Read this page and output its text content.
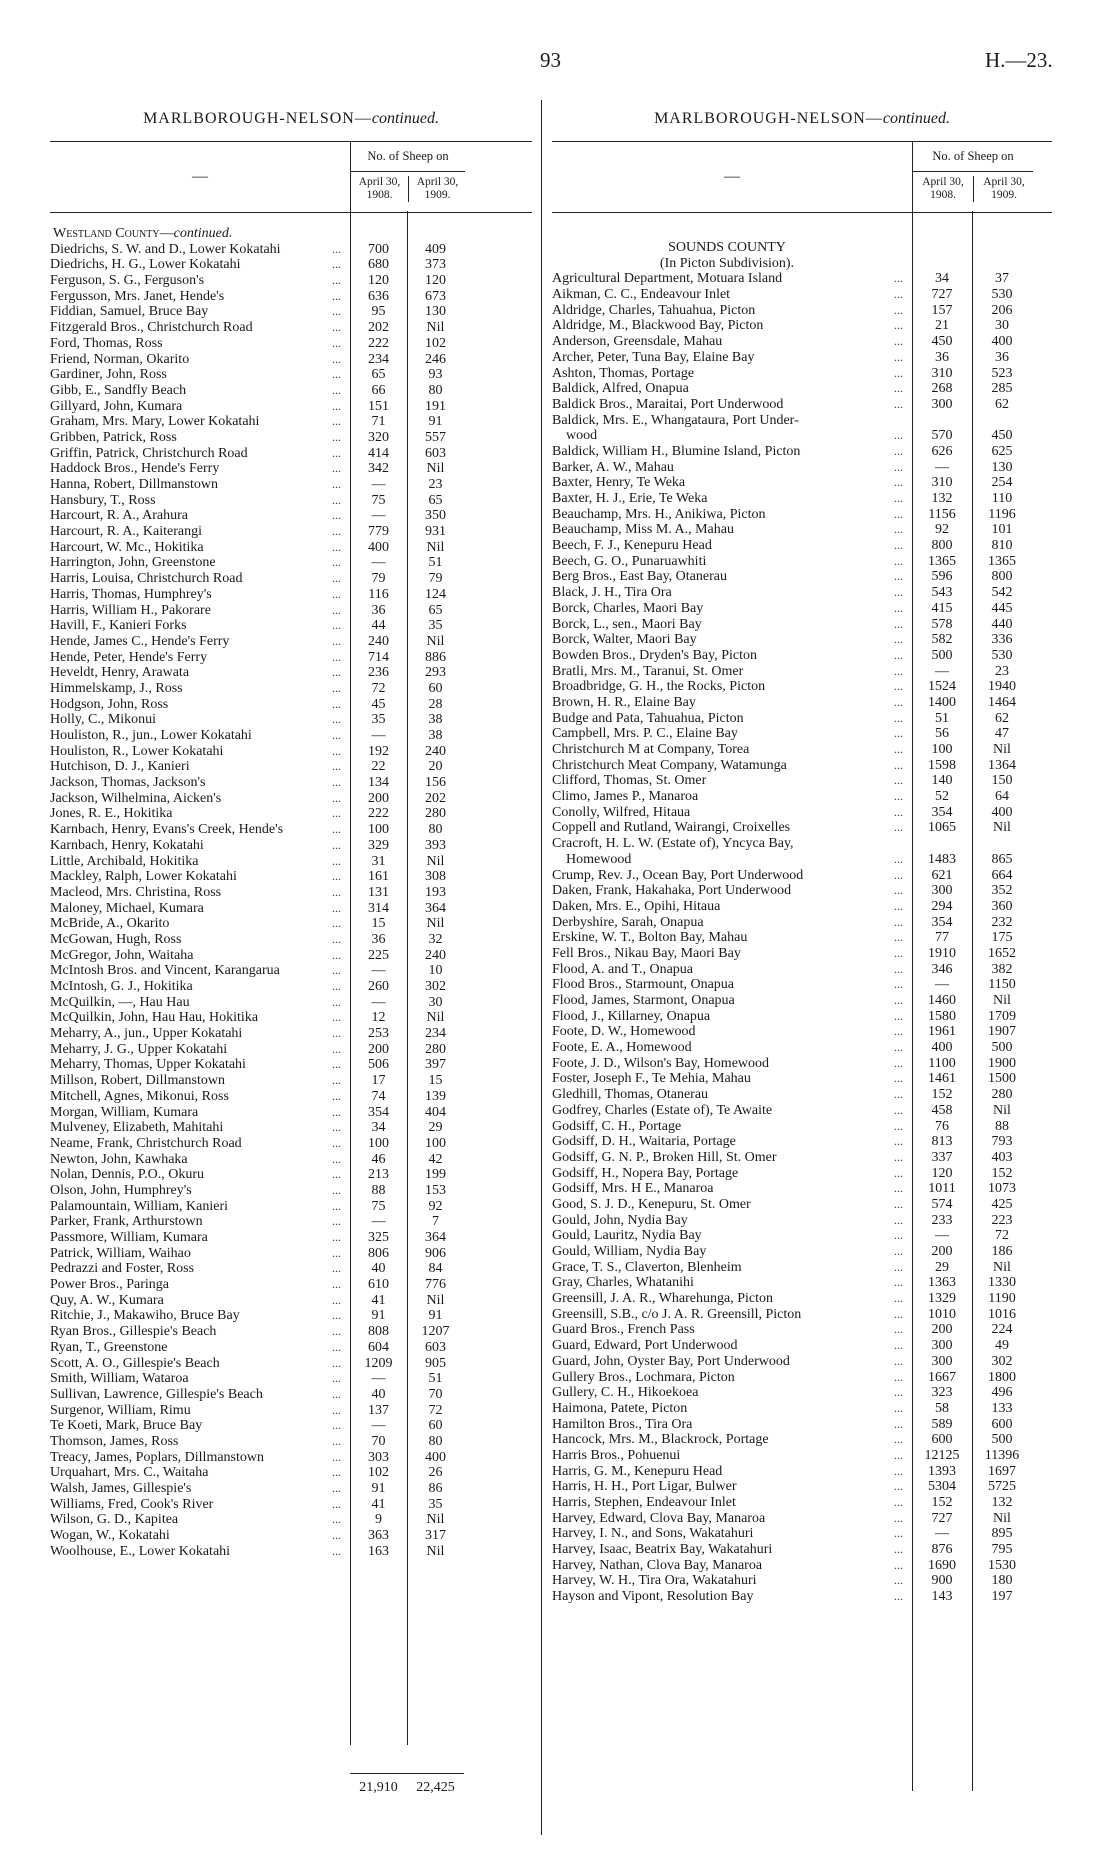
93	H.—23.
MARLBOROUGH-NELSON—continued.
—
No. of Sheep on
April 30, 1908.
April 30, 1909.
Westland County—continued.
Diedrichs, S. W. and D., Lower Kokatahi	...	700	409
Diedrichs, H. G., Lower Kokatahi	...	680	373
Ferguson, S. G., Ferguson's	...	120	120
Fergusson, Mrs. Janet, Hende's	...	636	673
Fiddian, Samuel, Bruce Bay	...	95	130
Fitzgerald Bros., Christchurch Road	...	202	Nil
Ford, Thomas, Ross	...	222	102
Friend, Norman, Okarito	...	234	246
Gardiner, John, Ross	...	65	93
Gibb, E., Sandfly Beach	...	66	80
Gillyard, John, Kumara	...	151	191
Graham, Mrs. Mary, Lower Kokatahi	...	71	91
Gribben, Patrick, Ross	...	320	557
Griffin, Patrick, Christchurch Road	...	414	603
Haddock Bros., Hende's Ferry	...	342	Nil
Hanna, Robert, Dillmanstown	...	—	23
Hansbury, T., Ross	...	75	65
Harcourt, R. A., Arahura	...	—	350
Harcourt, R. A., Kaiterangi	...	779	931
Harcourt, W. Mc., Hokitika	...	400	Nil
Harrington, John, Greenstone	...	—	51
Harris, Louisa, Christchurch Road	...	79	79
Harris, Thomas, Humphrey's	...	116	124
Harris, William H., Pakorare	...	36	65
Havill, F., Kanieri Forks	...	44	35
Hende, James C., Hende's Ferry	...	240	Nil
Hende, Peter, Hende's Ferry	...	714	886
Heveldt, Henry, Arawata	...	236	293
Himmelskamp, J., Ross	...	72	60
Hodgson, John, Ross	...	45	28
Holly, C., Mikonui	...	35	38
Houliston, R., jun., Lower Kokatahi	...	—	38
Houliston, R., Lower Kokatahi	...	192	240
Hutchison, D. J., Kanieri	...	22	20
Jackson, Thomas, Jackson's	...	134	156
Jackson, Wilhelmina, Aicken's	...	200	202
Jones, R. E., Hokitika	...	222	280
Karnbach, Henry, Evans's Creek, Hende's	...	100	80
Karnbach, Henry, Kokatahi	...	329	393
Little, Archibald, Hokitika	...	31	Nil
Mackley, Ralph, Lower Kokatahi	...	161	308
Macleod, Mrs. Christina, Ross	...	131	193
Maloney, Michael, Kumara	...	314	364
McBride, A., Okarito	...	15	Nil
McGowan, Hugh, Ross	...	36	32
McGregor, John, Waitaha	...	225	240
McIntosh Bros. and Vincent, Karangarua	...	—	10
McIntosh, G. J., Hokitika	...	260	302
McQuilkin, —, Hau Hau	...	—	30
McQuilkin, John, Hau Hau, Hokitika	...	12	Nil
Meharry, A., jun., Upper Kokatahi	...	253	234
Meharry, J. G., Upper Kokatahi	...	200	280
Meharry, Thomas, Upper Kokatahi	...	506	397
Millson, Robert, Dillmanstown	...	17	15
Mitchell, Agnes, Mikonui, Ross	...	74	139
Morgan, William, Kumara	...	354	404
Mulveney, Elizabeth, Mahitahi	...	34	29
Neame, Frank, Christchurch Road	...	100	100
Newton, John, Kawhaka	...	46	42
Nolan, Dennis, P.O., Okuru	...	213	199
Olson, John, Humphrey's	...	88	153
Palamountain, William, Kanieri	...	75	92
Parker, Frank, Arthurstown	...	—	7
Passmore, William, Kumara	...	325	364
Patrick, William, Waihao	...	806	906
Pedrazzi and Foster, Ross	...	40	84
Power Bros., Paringa	...	610	776
Quy, A. W., Kumara	...	41	Nil
Ritchie, J., Makawiho, Bruce Bay	...	91	91
Ryan Bros., Gillespie's Beach	...	808	1207
Ryan, T., Greenstone	...	604	603
Scott, A. O., Gillespie's Beach	...	1209	905
Smith, William, Wataroa	...	—	51
Sullivan, Lawrence, Gillespie's Beach	...	40	70
Surgenor, William, Rimu	...	137	72
Te Koeti, Mark, Bruce Bay	...	—	60
Thomson, James, Ross	...	70	80
Treacy, James, Poplars, Dillmanstown	...	303	400
Urquahart, Mrs. C., Waitaha	...	102	26
Walsh, James, Gillespie's	...	91	86
Williams, Fred, Cook's River	...	41	35
Wilson, G. D., Kapitea	...	9	Nil
Wogan, W., Kokatahi	...	363	317
Woolhouse, E., Lower Kokatahi	...	163	Nil
21,910	22,425
MARLBOROUGH-NELSON—continued.
—
No. of Sheep on
April 30, 1908.
April 30, 1909.
SOUNDS COUNTY
(In Picton Subdivision).
Agricultural Department, Motuara Island	...	34	37
Aikman, C. C., Endeavour Inlet	...	727	530
Aldridge, Charles, Tahuahua, Picton	...	157	206
Aldridge, M., Blackwood Bay, Picton	...	21	30
Anderson, Greensdale, Mahau	...	450	400
Archer, Peter, Tuna Bay, Elaine Bay	...	36	36
Ashton, Thomas, Portage	...	310	523
Baldick, Alfred, Onapua	...	268	285
Baldick Bros., Maraitai, Port Underwood	...	300	62
Baldick, Mrs. E., Whangataura, Port Under-
wood	...	570	450
Baldick, William H., Blumine Island, Picton	...	626	625
Barker, A. W., Mahau	...	—	130
Baxter, Henry, Te Weka	...	310	254
Baxter, H. J., Erie, Te Weka	...	132	110
Beauchamp, Mrs. H., Anikiwa, Picton	...	1156	1196
Beauchamp, Miss M. A., Mahau	...	92	101
Beech, F. J., Kenepuru Head	...	800	810
Beech, G. O., Punaruawhiti	...	1365	1365
Berg Bros., East Bay, Otanerau	...	596	800
Black, J. H., Tira Ora	...	543	542
Borck, Charles, Maori Bay	...	415	445
Borck, L., sen., Maori Bay	...	578	440
Borck, Walter, Maori Bay	...	582	336
Bowden Bros., Dryden's Bay, Picton	...	500	530
Bratli, Mrs. M., Taranui, St. Omer	...	—	23
Broadbridge, G. H., the Rocks, Picton	...	1524	1940
Brown, H. R., Elaine Bay	...	1400	1464
Budge and Pata, Tahuahua, Picton	...	51	62
Campbell, Mrs. P. C., Elaine Bay	...	56	47
Christchurch M at Company, Torea	...	100	Nil
Christchurch Meat Company, Watamunga	...	1598	1364
Clifford, Thomas, St. Omer	...	140	150
Climo, James P., Manaroa	...	52	64
Conolly, Wilfred, Hitaua	...	354	400
Coppell and Rutland, Wairangi, Croixelles	...	1065	Nil
Cracroft, H. L. W. (Estate of), Yncyca Bay,
Homewood	...	1483	865
Crump, Rev. J., Ocean Bay, Port Underwood	...	621	664
Daken, Frank, Hakahaka, Port Underwood	...	300	352
Daken, Mrs. E., Opihi, Hitaua	...	294	360
Derbyshire, Sarah, Onapua	...	354	232
Erskine, W. T., Bolton Bay, Mahau	...	77	175
Fell Bros., Nikau Bay, Maori Bay	...	1910	1652
Flood, A. and T., Onapua	...	346	382
Flood Bros., Starmount, Onapua	...	—	1150
Flood, James, Starmont, Onapua	...	1460	Nil
Flood, J., Killarney, Onapua	...	1580	1709
Foote, D. W., Homewood	...	1961	1907
Foote, E. A., Homewood	...	400	500
Foote, J. D., Wilson's Bay, Homewood	...	1100	1900
Foster, Joseph F., Te Mehia, Mahau	...	1461	1500
Gledhill, Thomas, Otanerau	...	152	280
Godfrey, Charles (Estate of), Te Awaite	...	458	Nil
Godsiff, C. H., Portage	...	76	88
Godsiff, D. H., Waitaria, Portage	...	813	793
Godsiff, G. N. P., Broken Hill, St. Omer	...	337	403
Godsiff, H., Nopera Bay, Portage	...	120	152
Godsiff, Mrs. H E., Manaroa	...	1011	1073
Good, S. J. D., Kenepuru, St. Omer	...	574	425
Gould, John, Nydia Bay	...	233	223
Gould, Lauritz, Nydia Bay	...	—	72
Gould, William, Nydia Bay	...	200	186
Grace, T. S., Claverton, Blenheim	...	29	Nil
Gray, Charles, Whatanihi	...	1363	1330
Greensill, J. A. R., Wharehunga, Picton	...	1329	1190
Greensill, S.B., c/o J. A. R. Greensill, Picton	...	1010	1016
Guard Bros., French Pass	...	200	224
Guard, Edward, Port Underwood	...	300	49
Guard, John, Oyster Bay, Port Underwood	...	300	302
Gullery Bros., Lochmara, Picton	...	1667	1800
Gullery, C. H., Hikoekoea	...	323	496
Haimona, Patete, Picton	...	58	133
Hamilton Bros., Tira Ora	...	589	600
Hancock, Mrs. M., Blackrock, Portage	...	600	500
Harris Bros., Pohuenui	...	12125	11396
Harris, G. M., Kenepuru Head	...	1393	1697
Harris, H. H., Port Ligar, Bulwer	...	5304	5725
Harris, Stephen, Endeavour Inlet	...	152	132
Harvey, Edward, Clova Bay, Manaroa	...	727	Nil
Harvey, I. N., and Sons, Wakatahuri	...	—	895
Harvey, Isaac, Beatrix Bay, Wakatahuri	...	876	795
Harvey, Nathan, Clova Bay, Manaroa	...	1690	1530
Harvey, W. H., Tira Ora, Wakatahuri	...	900	180
Hayson and Vipont, Resolution Bay	...	143	197
